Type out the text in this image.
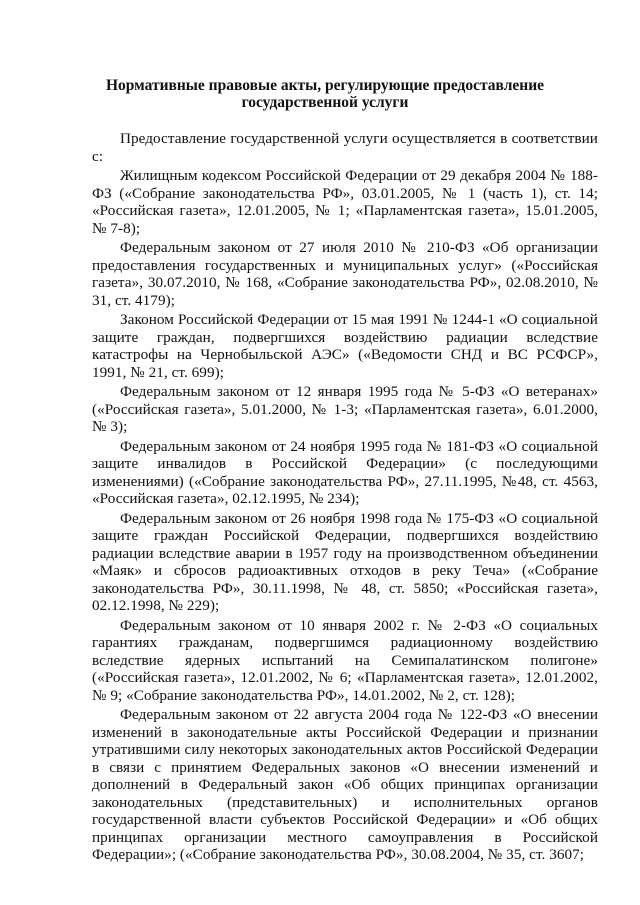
Нормативные правовые акты, регулирующие предоставление государственной услуги

Предоставление государственной услуги осуществляется в соответствии с:

Жилищным кодексом Российской Федерации от 29 декабря 2004 № 188-ФЗ («Собрание законодательства РФ», 03.01.2005, № 1 (часть 1), ст. 14; «Российская газета», 12.01.2005, № 1; «Парламентская газета», 15.01.2005, № 7-8);

Федеральным законом от 27 июля 2010 № 210-ФЗ «Об организации предоставления государственных и муниципальных услуг» («Российская газета», 30.07.2010, № 168, «Собрание законодательства РФ», 02.08.2010, № 31, ст. 4179);

Законом Российской Федерации от 15 мая 1991 № 1244-1 «О социальной защите граждан, подвергшихся воздействию радиации вследствие катастрофы на Чернобыльской АЭС» («Ведомости СНД и ВС РСФСР», 1991, № 21, ст. 699);

Федеральным законом от 12 января 1995 года № 5-ФЗ «О ветеранах» («Российская газета», 5.01.2000, № 1-3; «Парламентская газета», 6.01.2000, № 3);

Федеральным законом от 24 ноября 1995 года № 181-ФЗ «О социальной защите инвалидов в Российской Федерации» (с последующими изменениями) («Собрание законодательства РФ», 27.11.1995, №48, ст. 4563, «Российская газета», 02.12.1995, № 234);

Федеральным законом от 26 ноября 1998 года № 175-ФЗ «О социальной защите граждан Российской Федерации, подвергшихся воздействию радиации вследствие аварии в 1957 году на производственном объединении «Маяк» и сбросов радиоактивных отходов в реку Теча» («Собрание законодательства РФ», 30.11.1998, № 48, ст. 5850; «Российская газета», 02.12.1998, № 229);

Федеральным законом от 10 января 2002 г. № 2-ФЗ «О социальных гарантиях гражданам, подвергшимся радиационному воздействию вследствие ядерных испытаний на Семипалатинском полигоне» («Российская газета», 12.01.2002, № 6; «Парламентская газета», 12.01.2002, № 9; «Собрание законодательства РФ», 14.01.2002, № 2, ст. 128);

Федеральным законом от 22 августа 2004 года № 122-ФЗ «О внесении изменений в законодательные акты Российской Федерации и признании утратившими силу некоторых законодательных актов Российской Федерации в связи с принятием Федеральных законов «О внесении изменений и дополнений в Федеральный закон «Об общих принципах организации законодательных (представительных) и исполнительных органов государственной власти субъектов Российской Федерации» и «Об общих принципах организации местного самоуправления в Российской Федерации»; («Собрание законодательства РФ», 30.08.2004, № 35, ст. 3607;
